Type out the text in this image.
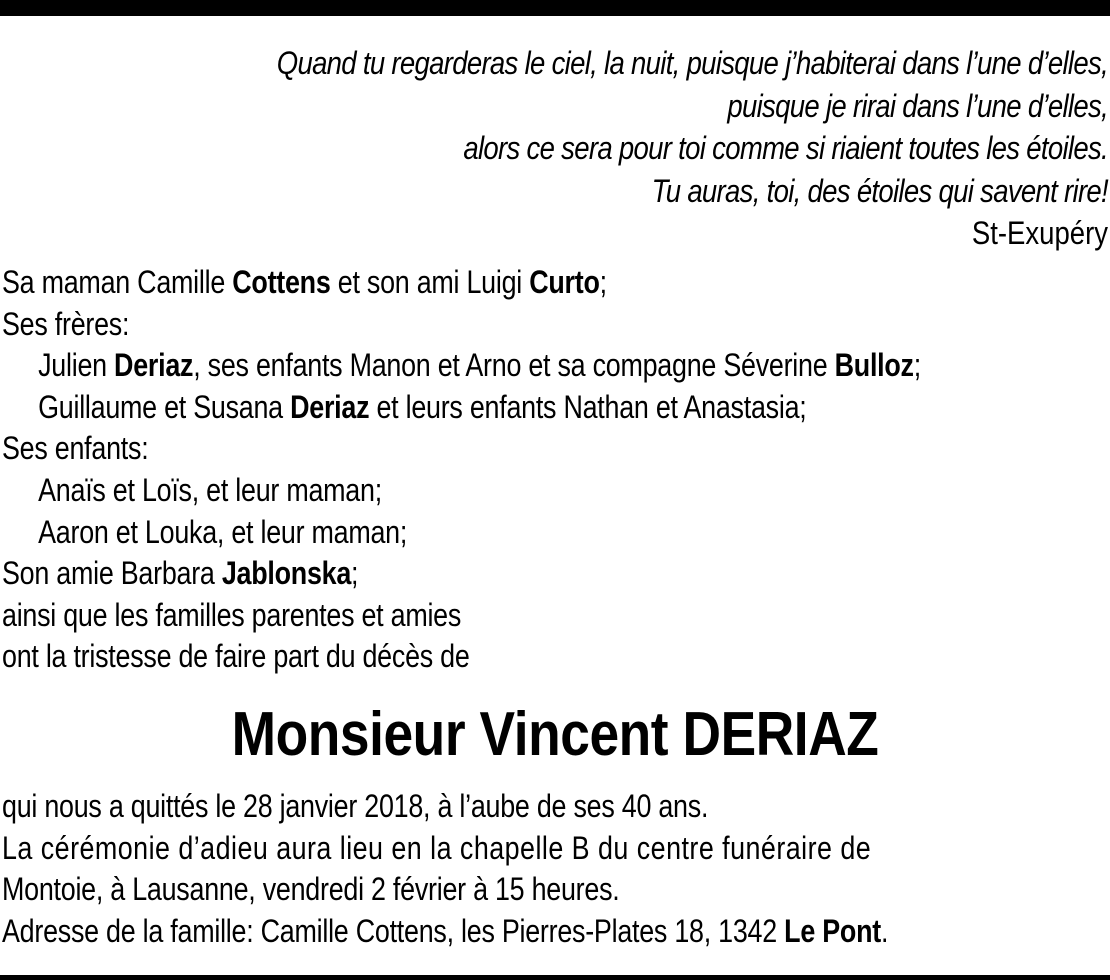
Quand tu regarderas le ciel, la nuit, puisque j’habiterai dans l’une d’elles,
puisque je rirai dans l’une d’elles,
alors ce sera pour toi comme si riaient toutes les étoiles.
Tu auras, toi, des étoiles qui savent rire!
St-Exupéry
Sa maman Camille Cottens et son ami Luigi Curto;
Ses frères:
Julien Deriaz, ses enfants Manon et Arno et sa compagne Séverine Bulloz;
Guillaume et Susana Deriaz et leurs enfants Nathan et Anastasia;
Ses enfants:
Anaïs et Loïs, et leur maman;
Aaron et Louka, et leur maman;
Son amie Barbara Jablonska;
ainsi que les familles parentes et amies
ont la tristesse de faire part du décès de
Monsieur Vincent DERIAZ
qui nous a quittés le 28 janvier 2018, à l’aube de ses 40 ans.
La cérémonie d’adieu aura lieu en la chapelle B du centre funéraire de
Montoie, à Lausanne, vendredi 2 février à 15 heures.
Adresse de la famille: Camille Cottens, les Pierres-Plates 18, 1342 Le Pont.
